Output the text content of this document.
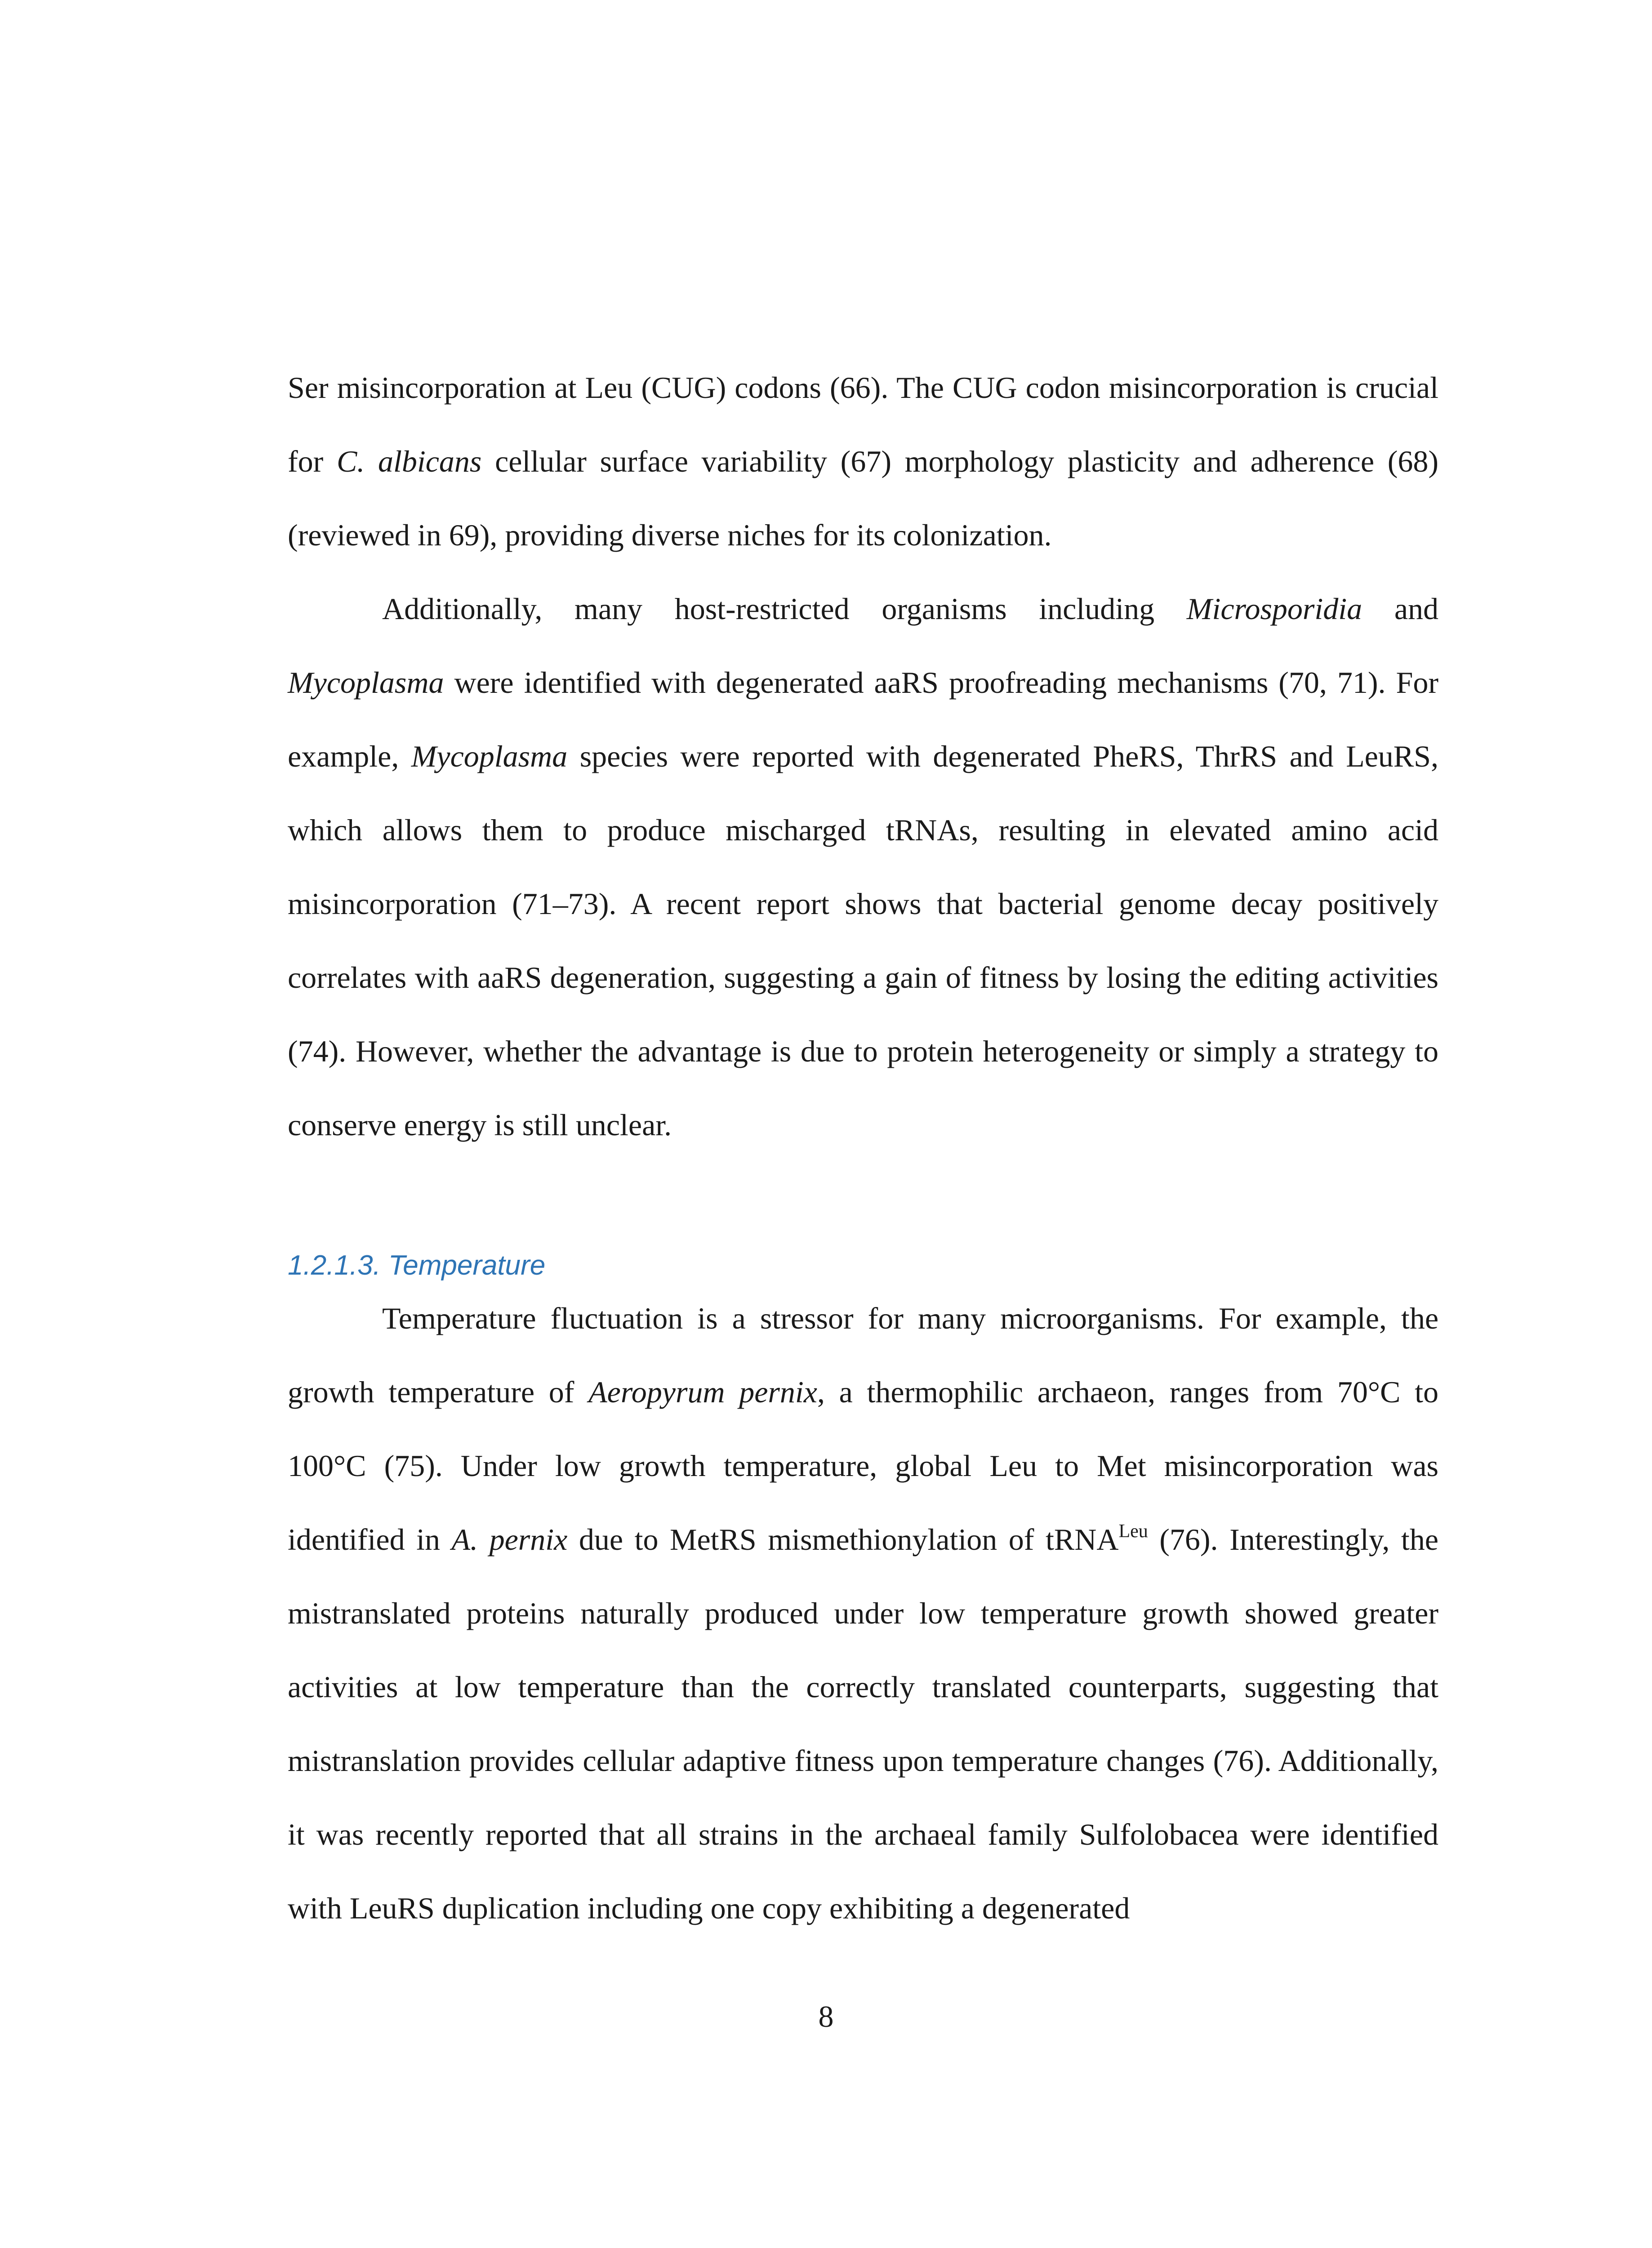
Ser misincorporation at Leu (CUG) codons (66). The CUG codon misincorporation is crucial for C. albicans cellular surface variability (67) morphology plasticity and adherence (68) (reviewed in 69), providing diverse niches for its colonization.

Additionally, many host-restricted organisms including Microsporidia and Mycoplasma were identified with degenerated aaRS proofreading mechanisms (70, 71). For example, Mycoplasma species were reported with degenerated PheRS, ThrRS and LeuRS, which allows them to produce mischarged tRNAs, resulting in elevated amino acid misincorporation (71–73). A recent report shows that bacterial genome decay positively correlates with aaRS degeneration, suggesting a gain of fitness by losing the editing activities (74). However, whether the advantage is due to protein heterogeneity or simply a strategy to conserve energy is still unclear.

1.2.1.3. Temperature

Temperature fluctuation is a stressor for many microorganisms. For example, the growth temperature of Aeropyrum pernix, a thermophilic archaeon, ranges from 70°C to 100°C (75). Under low growth temperature, global Leu to Met misincorporation was identified in A. pernix due to MetRS mismethionylation of tRNA$^{Leu}$ (76). Interestingly, the mistranslated proteins naturally produced under low temperature growth showed greater activities at low temperature than the correctly translated counterparts, suggesting that mistranslation provides cellular adaptive fitness upon temperature changes (76). Additionally, it was recently reported that all strains in the archaeal family Sulfolobacea were identified with LeuRS duplication including one copy exhibiting a degenerated

8
